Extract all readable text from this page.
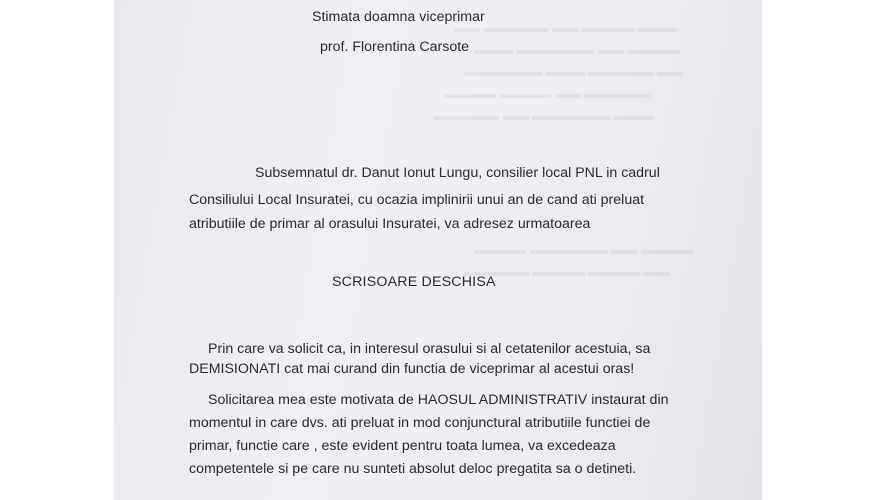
▬▬▬ ▬▬▬▬ ▬▬ ▬▬▬▬▬ ▬▬
▬▬▬▬ ▬▬ ▬▬▬▬▬▬ ▬▬▬
▬▬ ▬▬▬▬▬ ▬▬▬ ▬▬▬▬▬▬
▬▬▬▬▬ ▬▬ ▬▬▬▬ ▬▬▬▬
▬▬▬ ▬▬▬▬▬▬ ▬▬ ▬▬▬▬▬
▬▬▬▬ ▬▬ ▬▬▬▬▬▬ ▬▬▬▬
▬▬ ▬▬▬▬ ▬▬▬▬ ▬▬▬▬▬
Stimata doamna viceprimar
prof. Florentina Carsote
Subsemnatul dr. Danut Ionut Lungu, consilier local PNL in cadrul
Consiliului Local Insuratei, cu ocazia implinirii unui an de cand ati preluat
atributiile de primar al orasului Insuratei, va adresez urmatoarea
SCRISOARE DESCHISA
Prin care va solicit ca, in interesul orasului si al cetatenilor acestuia, sa
DEMISIONATI cat mai curand din functia de viceprimar al acestui oras!
Solicitarea mea este motivata de HAOSUL ADMINISTRATIV instaurat din
momentul in care dvs. ati preluat in mod conjunctural atributiile functiei de
primar, functie care , este evident pentru toata lumea, va excedeaza
competentele si pe care nu sunteti absolut deloc pregatita sa o detineti.
